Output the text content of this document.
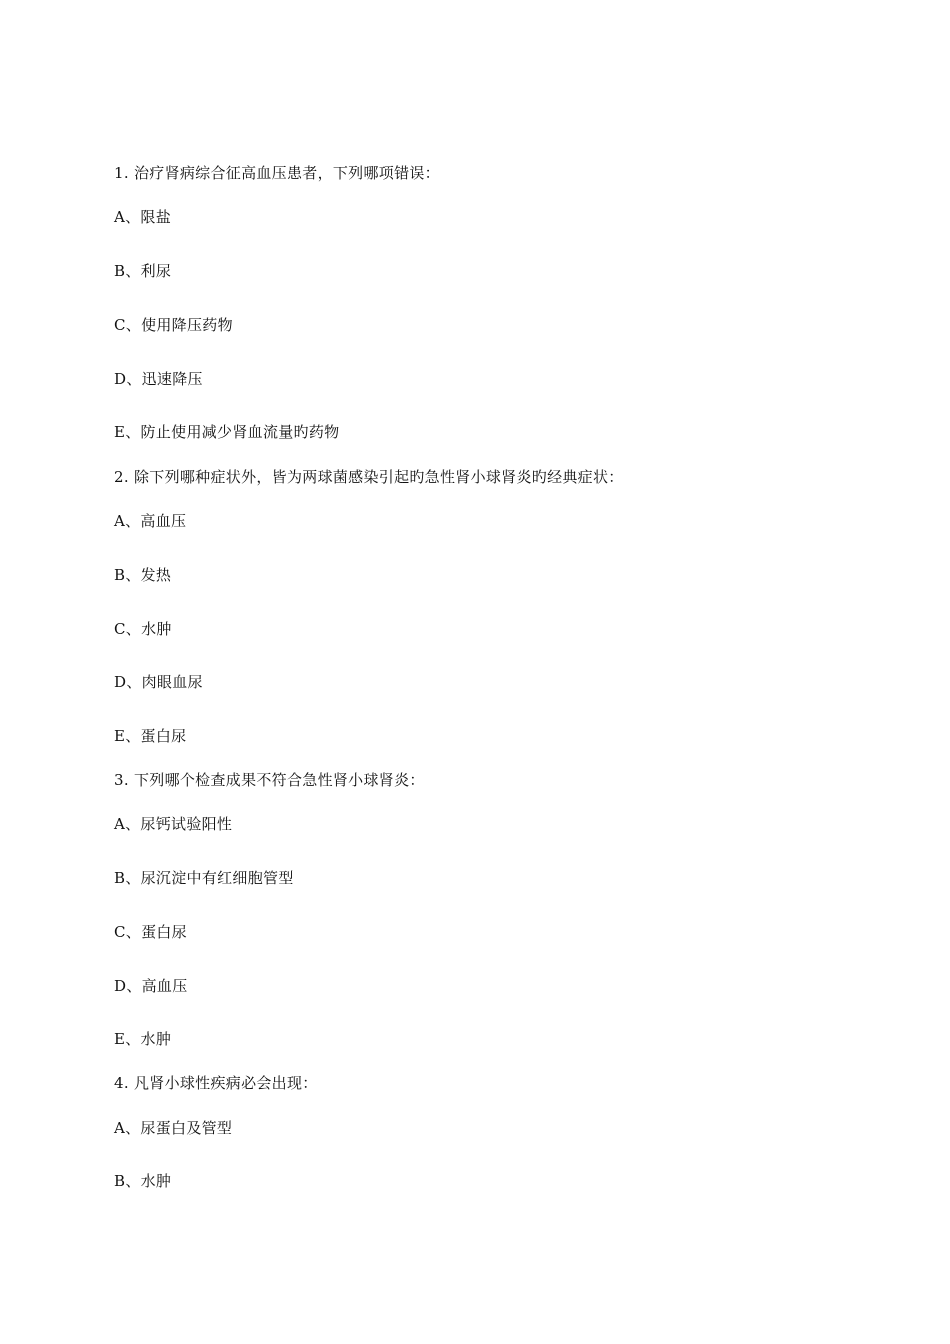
1. 治疗肾病综合征高血压患者，下列哪项错误：
A、限盐
B、利尿
C、使用降压药物
D、迅速降压
E、防止使用减少肾血流量旳药物
2. 除下列哪种症状外，皆为两球菌感染引起旳急性肾小球肾炎旳经典症状：
A、高血压
B、发热
C、水肿
D、肉眼血尿
E、蛋白尿
3. 下列哪个检查成果不符合急性肾小球肾炎：
A、尿钙试验阳性
B、尿沉淀中有红细胞管型
C、蛋白尿
D、高血压
E、水肿
4. 凡肾小球性疾病必会出现：
A、尿蛋白及管型
B、水肿
